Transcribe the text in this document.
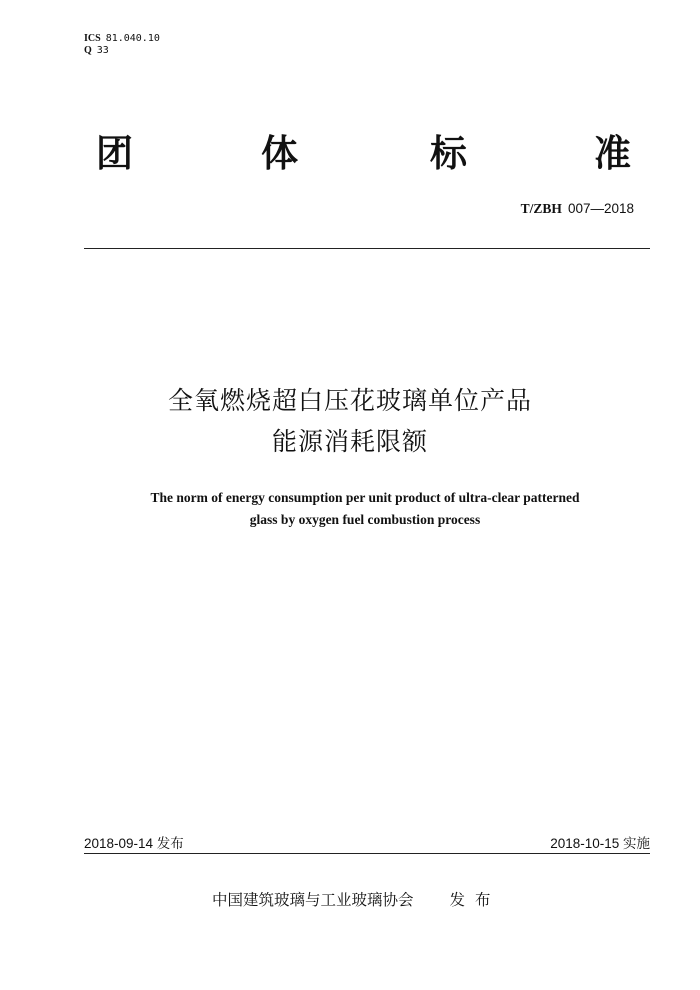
ICS 81.040.10
Q 33
团	体	标	准
T/ZBH 007—2018
全氧燃烧超白压花玻璃单位产品
能源消耗限额
The norm of energy consumption per unit product of ultra-clear patterned
glass by oxygen fuel combustion process
2018-09-14 发布	2018-10-15 实施
中国建筑玻璃与工业玻璃协会 发布
